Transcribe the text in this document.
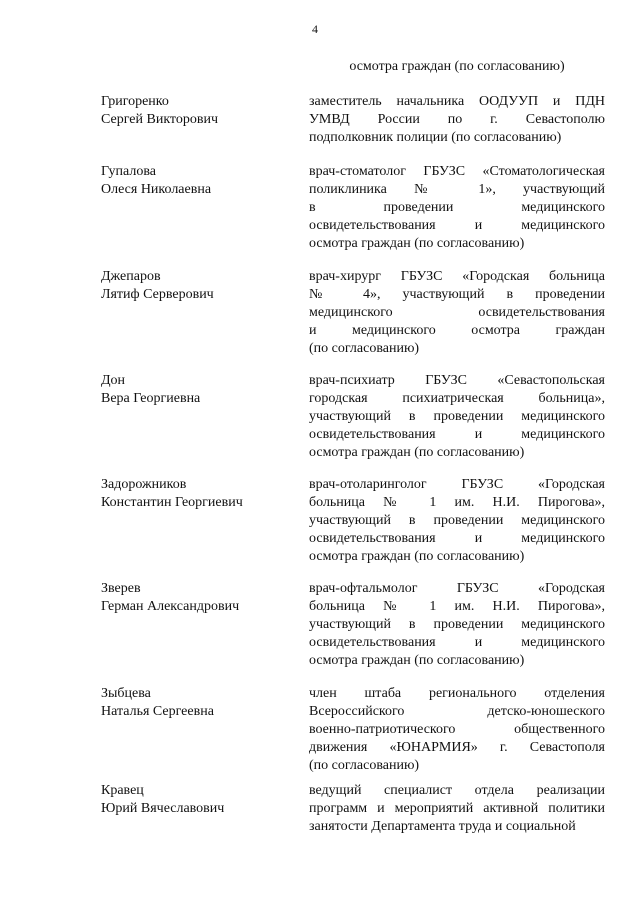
4
осмотра граждан (по согласованию)
Григоренко
Сергей Викторович
заместитель начальника ООДУУП и ПДН
УМВД России по г. Севастополю
подполковник полиции (по согласованию)
Гупалова
Олеся Николаевна
врач-стоматолог ГБУЗС «Стоматологическая
поликлиника № 1», участвующий
в проведении медицинского
освидетельствования и медицинского
осмотра граждан (по согласованию)
Джепаров
Лятиф Серверович
врач-хирург ГБУЗС «Городская больница
№ 4», участвующий в проведении
медицинского освидетельствования
и медицинского осмотра граждан
(по согласованию)
Дон
Вера Георгиевна
врач-психиатр ГБУЗС «Севастопольская
городская психиатрическая больница»,
участвующий в проведении медицинского
освидетельствования и медицинского
осмотра граждан (по согласованию)
Задорожников
Константин Георгиевич
врач-отоларинголог ГБУЗС «Городская
больница № 1 им. Н.И. Пирогова»,
участвующий в проведении медицинского
освидетельствования и медицинского
осмотра граждан (по согласованию)
Зверев
Герман Александрович
врач-офтальмолог ГБУЗС «Городская
больница № 1 им. Н.И. Пирогова»,
участвующий в проведении медицинского
освидетельствования и медицинского
осмотра граждан (по согласованию)
Зыбцева
Наталья Сергеевна
член штаба регионального отделения
Всероссийского детско-юношеского
военно-патриотического общественного
движения «ЮНАРМИЯ» г. Севастополя
(по согласованию)
Кравец
Юрий Вячеславович
ведущий специалист отдела реализации
программ и мероприятий активной политики
занятости Департамента труда и социальной
